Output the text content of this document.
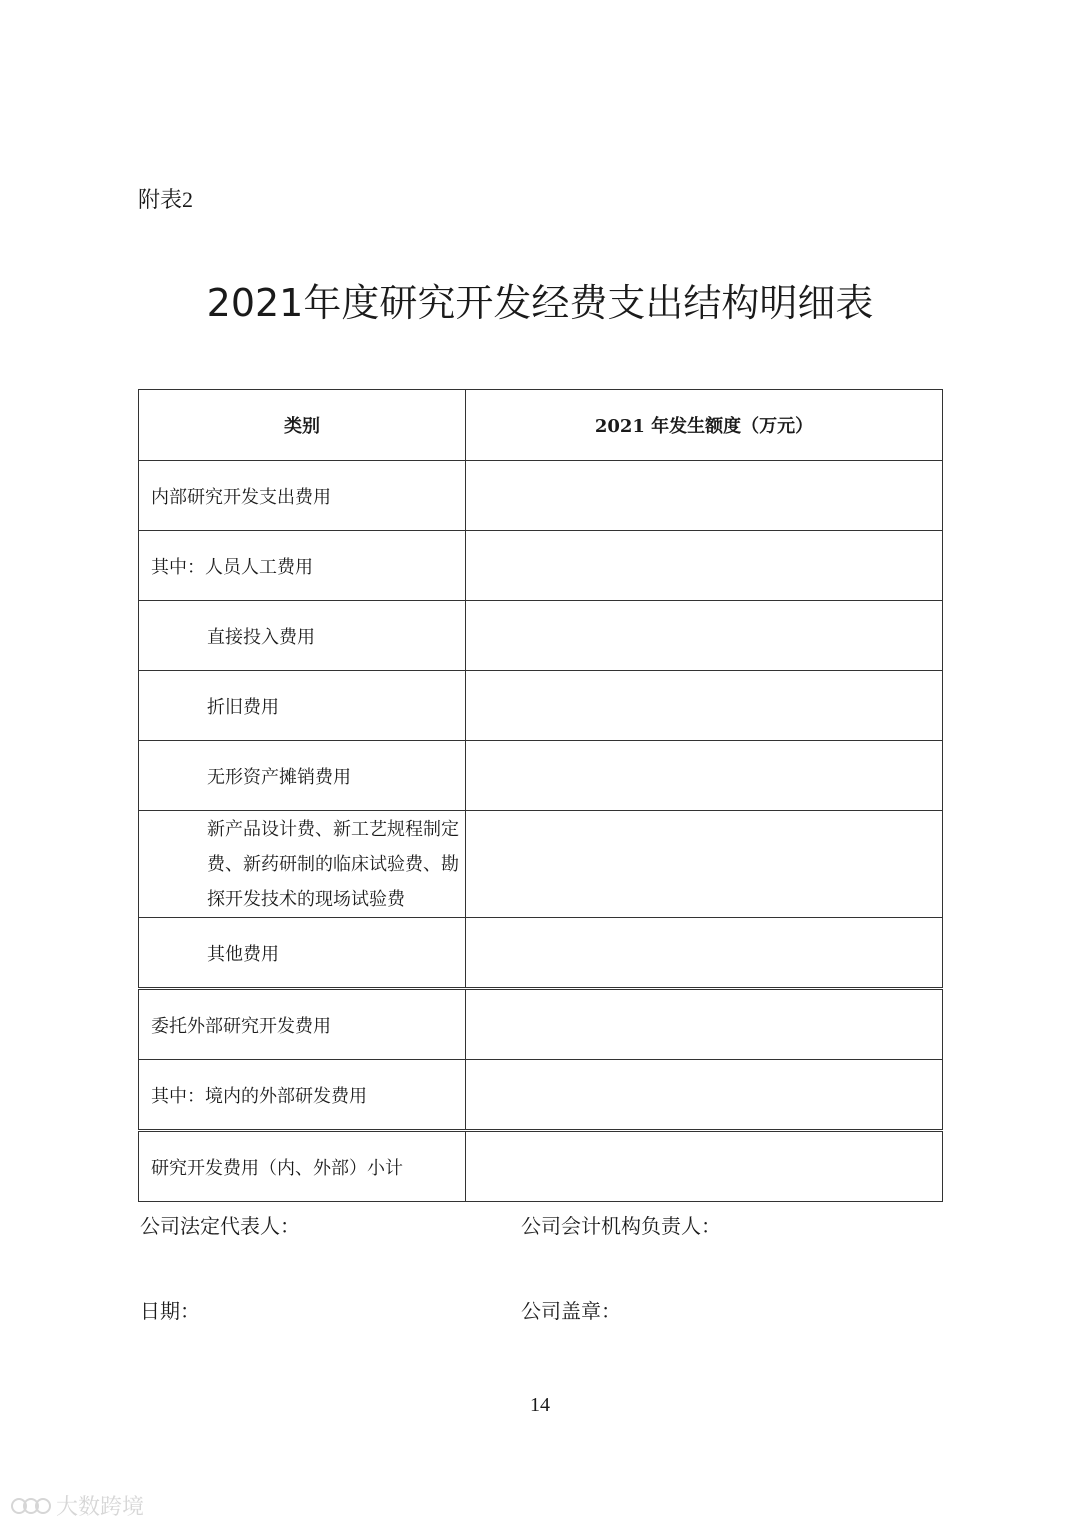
附表2
2021年度研究开发经费支出结构明细表
类别	2021 年发生额度（万元）
内部研究开发支出费用	
其中：人员人工费用	
直接投入费用	
折旧费用	
无形资产摊销费用	
新产品设计费、新工艺规程制定费、新药研制的临床试验费、勘探开发技术的现场试验费	
其他费用	
委托外部研究开发费用	
其中：境内的外部研发费用	
研究开发费用（内、外部）小计	
公司法定代表人：	公司会计机构负责人：
日期：	公司盖章：
14
大数跨境
